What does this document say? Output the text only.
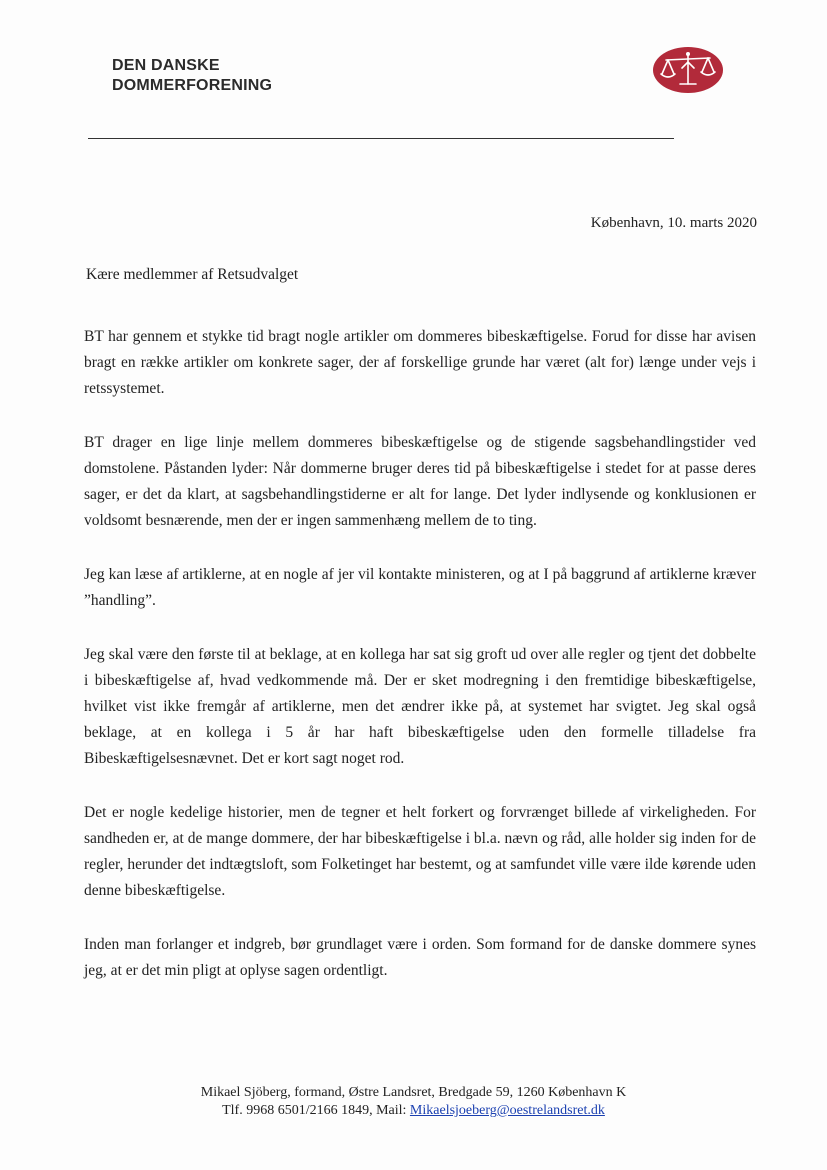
DEN DANSKE
DOMMERFORENING
København, 10. marts 2020
Kære medlemmer af Retsudvalget

BT har gennem et stykke tid bragt nogle artikler om dommeres bibeskæftigelse. Forud for disse har avisen bragt en række artikler om konkrete sager, der af forskellige grunde har været (alt for) længe under vejs i retssystemet.

BT drager en lige linje mellem dommeres bibeskæftigelse og de stigende sagsbehandlingstider ved domstolene. Påstanden lyder: Når dommerne bruger deres tid på bibeskæftigelse i stedet for at passe deres sager, er det da klart, at sagsbehandlingstiderne er alt for lange. Det lyder indlysende og konklusionen er voldsomt besnærende, men der er ingen sammenhæng mellem de to ting.

Jeg kan læse af artiklerne, at en nogle af jer vil kontakte ministeren, og at I på baggrund af artiklerne kræver ”handling”.

Jeg skal være den første til at beklage, at en kollega har sat sig groft ud over alle regler og tjent det dobbelte i bibeskæftigelse af, hvad vedkommende må. Der er sket modregning i den fremtidige bibeskæftigelse, hvilket vist ikke fremgår af artiklerne, men det ændrer ikke på, at systemet har svigtet. Jeg skal også beklage, at en kollega i 5 år har haft bibeskæftigelse uden den formelle tilladelse fra Bibeskæftigelsesnævnet. Det er kort sagt noget rod.

Det er nogle kedelige historier, men de tegner et helt forkert og forvrænget billede af virkeligheden. For sandheden er, at de mange dommere, der har bibeskæftigelse i bl.a. nævn og råd, alle holder sig inden for de regler, herunder det indtægtsloft, som Folketinget har bestemt, og at samfundet ville være ilde kørende uden denne bibeskæftigelse.

Inden man forlanger et indgreb, bør grundlaget være i orden. Som formand for de danske dommere synes jeg, at er det min pligt at oplyse sagen ordentligt.

Mikael Sjöberg, formand, Østre Landsret, Bredgade 59, 1260 København K
Tlf. 9968 6501/2166 1849, Mail: Mikaelsjoeberg@oestrelandsret.dk
